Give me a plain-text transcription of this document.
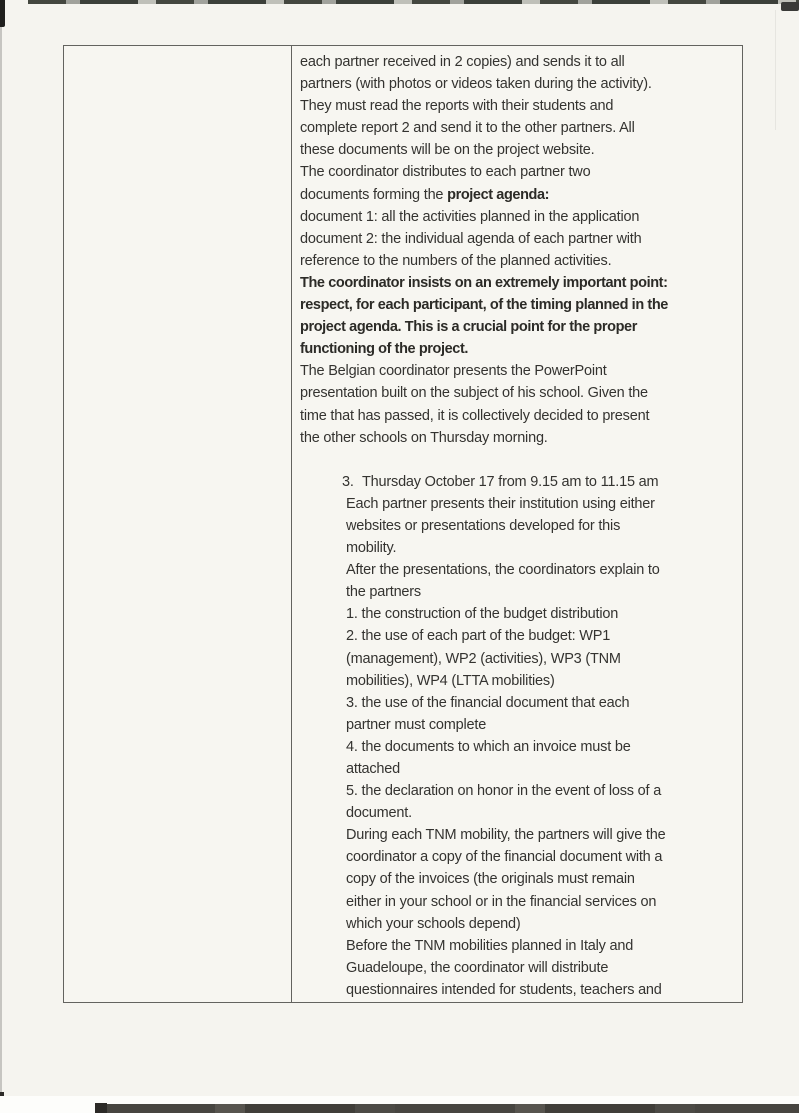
each partner received in 2 copies) and sends it to all
partners (with photos or videos taken during the activity).
They must read the reports with their students and
complete report 2 and send it to the other partners. All
these documents will be on the project website.
The coordinator distributes to each partner two
documents forming the project agenda:
document 1: all the activities planned in the application
document 2: the individual agenda of each partner with
reference to the numbers of the planned activities.
The coordinator insists on an extremely important point:
respect, for each participant, of the timing planned in the
project agenda. This is a crucial point for the proper
functioning of the project.
The Belgian coordinator presents the PowerPoint
presentation built on the subject of his school. Given the
time that has passed, it is collectively decided to present
the other schools on Thursday morning.
3. Thursday October 17 from 9.15 am to 11.15 am
Each partner presents their institution using either
websites or presentations developed for this
mobility.
After the presentations, the coordinators explain to
the partners
1. the construction of the budget distribution
2. the use of each part of the budget: WP1
(management), WP2 (activities), WP3 (TNM
mobilities), WP4 (LTTA mobilities)
3. the use of the financial document that each
partner must complete
4. the documents to which an invoice must be
attached
5. the declaration on honor in the event of loss of a
document.
During each TNM mobility, the partners will give the
coordinator a copy of the financial document with a
copy of the invoices (the originals must remain
either in your school or in the financial services on
which your schools depend)
Before the TNM mobilities planned in Italy and
Guadeloupe, the coordinator will distribute
questionnaires intended for students, teachers and
